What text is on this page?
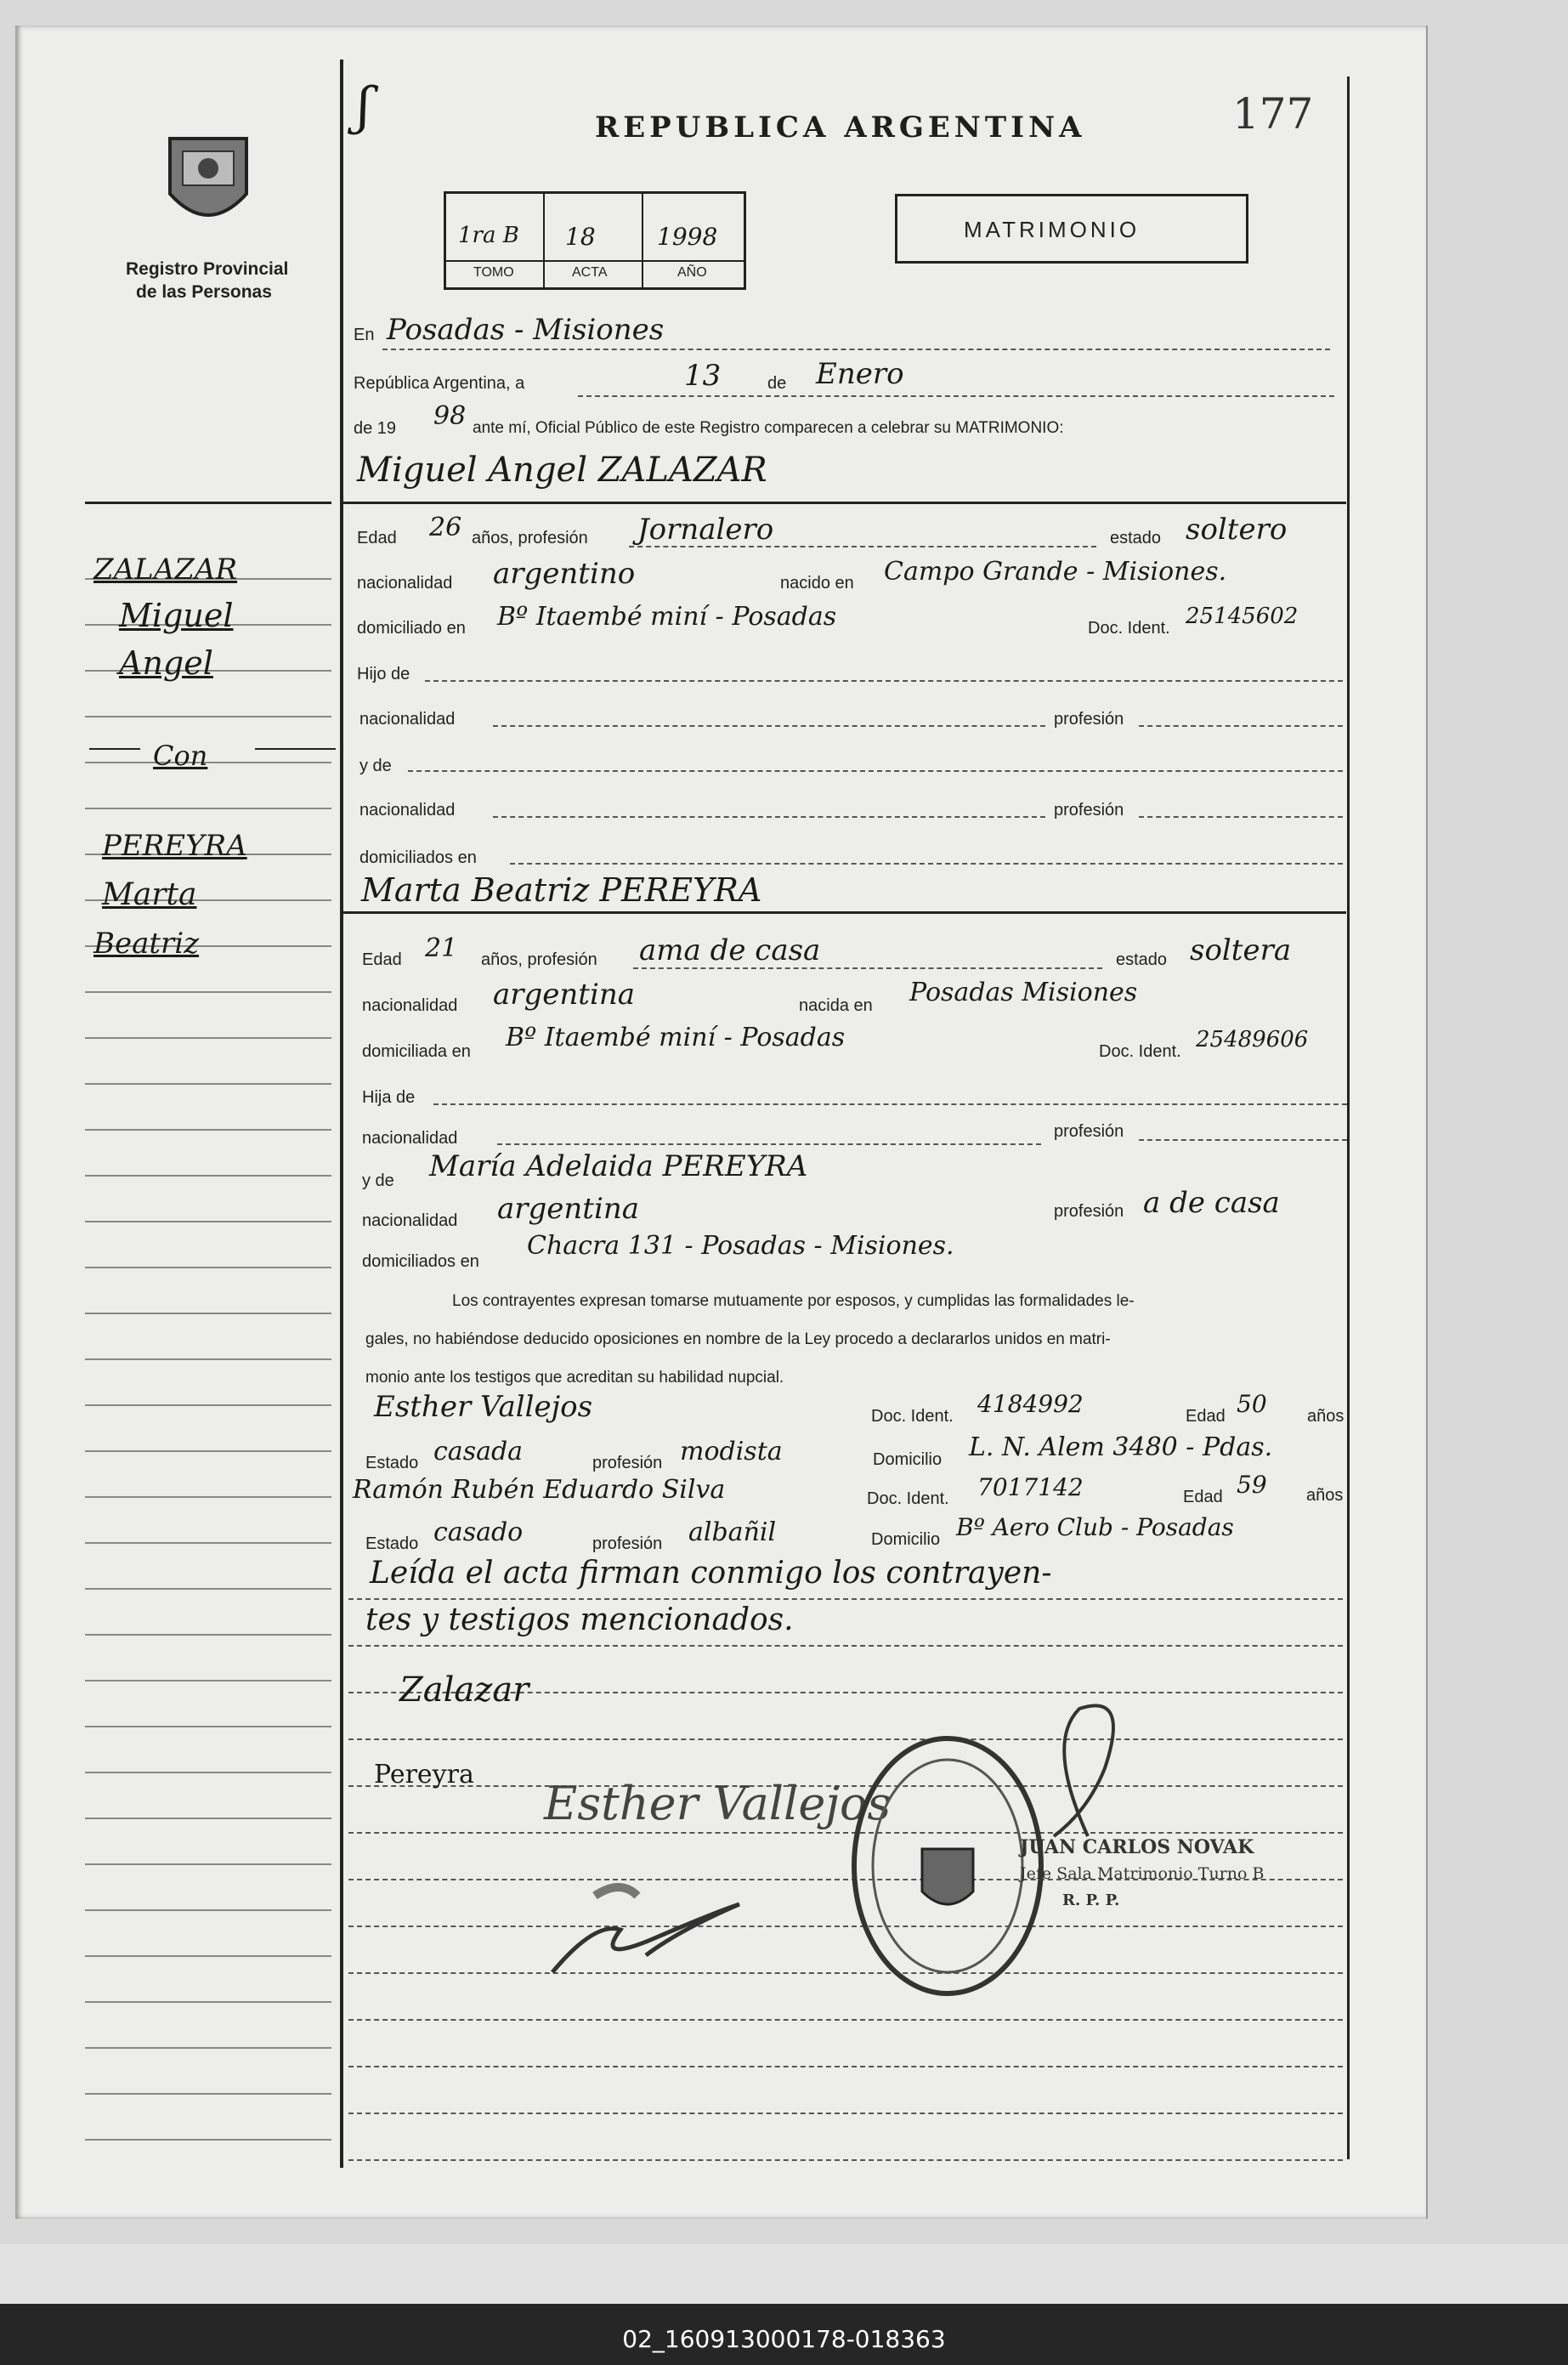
Registro Provincial
de las Personas
REPUBLICA ARGENTINA	177
ʃ
1ra B 18	1998
TOMO	ACTA	AÑO
MATRIMONIO
En Posadas - Misiones
República Argentina, a	13	de Enero
de 19 98 ante mí, Oficial Público de este Registro comparecen a celebrar su MATRIMONIO:
Miguel Angel ZALAZAR
Edad 26 años, profesión Jornalero	estado soltero
nacionalidad argentino	nacido en Campo Grande - Misiones.
domiciliado en Bº Itaembé miní - Posadas	Doc. Ident. 25145602
Hijo de
nacionalidad	profesión
y de
nacionalidad	profesión
domiciliados en
Marta Beatriz PEREYRA
Edad 21 años, profesión ama de casa	estado soltera
nacionalidad argentina	nacida en Posadas Misiones
domiciliada en Bº Itaembé miní - Posadas	Doc. Ident. 25489606
Hija de
nacionalidad	profesión
y de María Adelaida PEREYRA
nacionalidad argentina	profesión a de casa
domiciliados en
Chacra 131 - Posadas - Misiones.
Los contrayentes expresan tomarse mutuamente por esposos, y cumplidas las formalidades le-
gales, no habiéndose deducido oposiciones en nombre de la Ley procedo a declararlos unidos en matri-
monio ante los testigos que acreditan su habilidad nupcial.
Esther Vallejos	Doc. Ident. 4184992	Edad 50 años
Estado casada	profesión modista	Domicilio L. N. Alem 3480 - Pdas.
Ramón Rubén Eduardo Silva	Doc. Ident. 7017142	Edad 59 años
Estado casado	profesión albañil	Domicilio Bº Aero Club - Posadas
Leída el acta firman conmigo los contrayen-
tes y testigos mencionados.
Zalazar
Pereyra
Esther Vallejos
JUAN CARLOS NOVAK
Jefe Sala Matrimonio Turno B
R. P. P.
ZALAZAR
Miguel
Angel
Con
PEREYRA
Marta
Beatriz
02_160913000178-018363
